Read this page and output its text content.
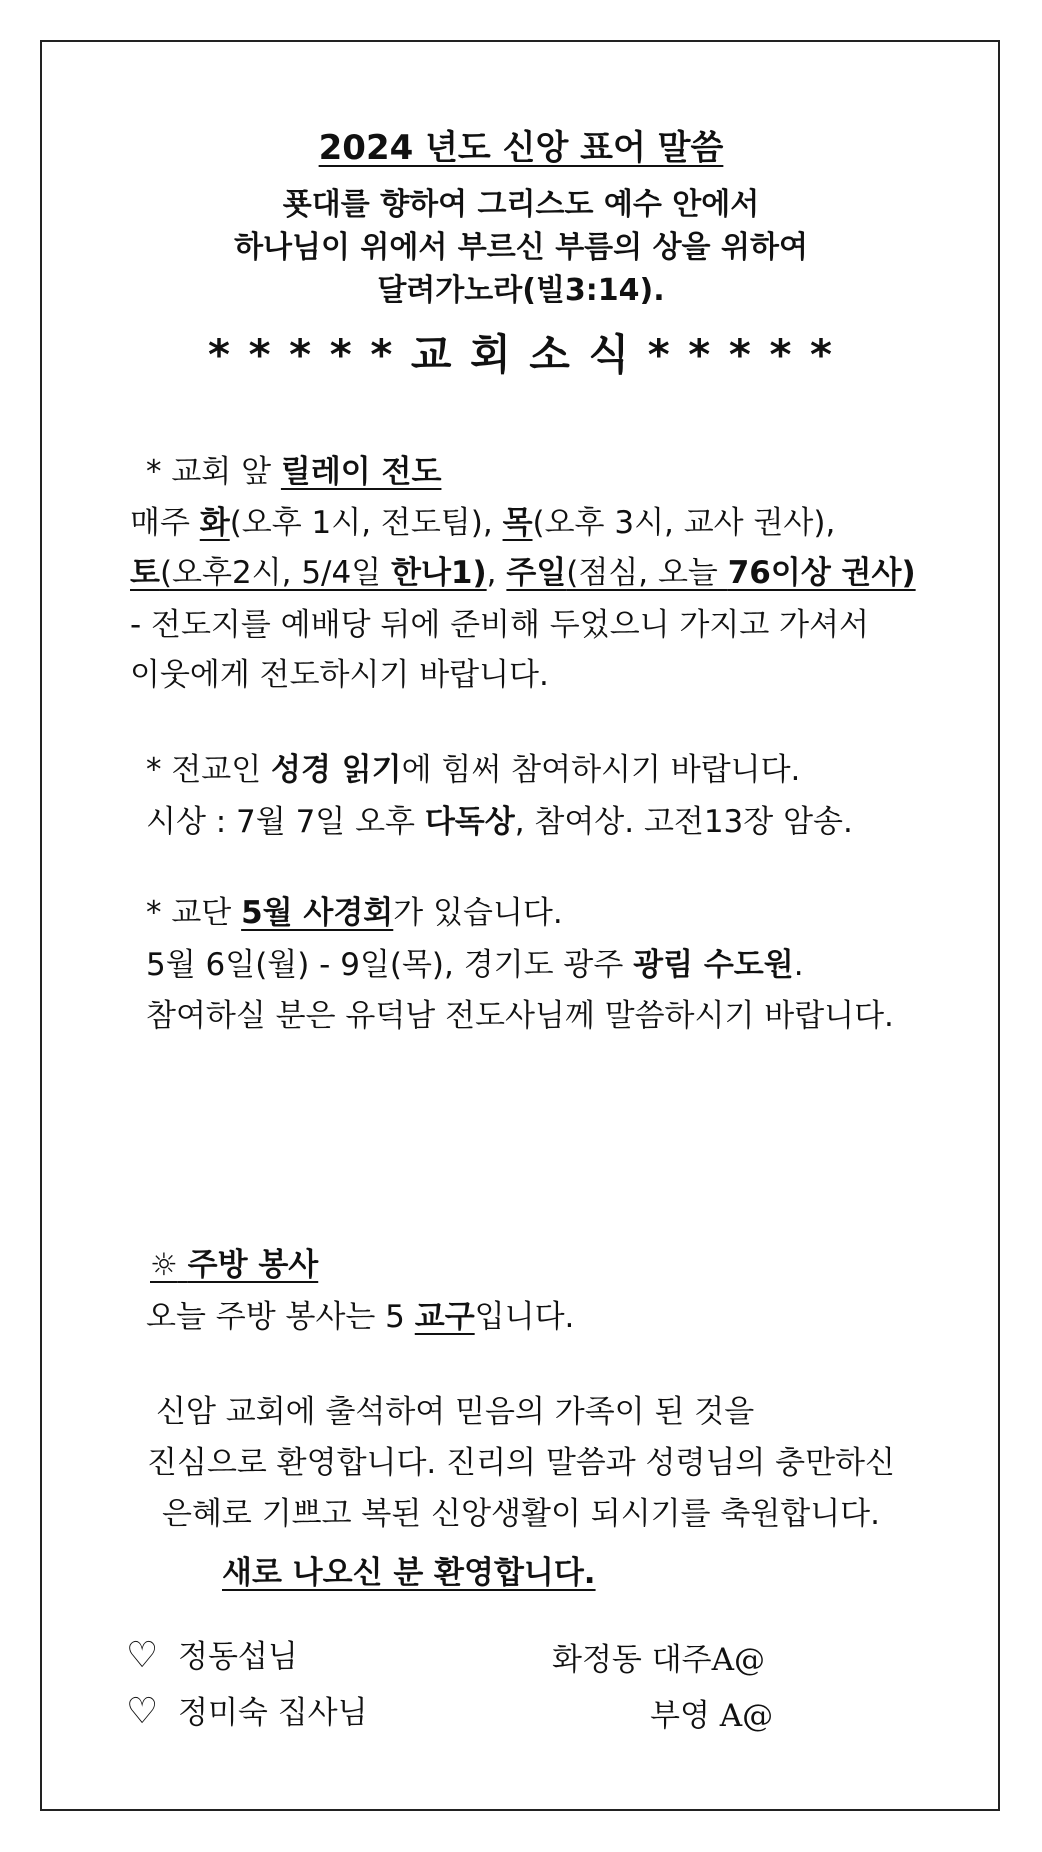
2024 년도 신앙 표어 말씀
푯대를 향하여 그리스도 예수 안에서
하나님이 위에서 부르신 부름의 상을 위하여
달려가노라(빌3:14).
* * * * * 교 회 소 식 * * * * *
* 교회 앞 릴레이 전도
매주 화(오후 1시, 전도팀), 목(오후 3시, 교사 권사),
토(오후2시, 5/4일 한나1), 주일(점심, 오늘 76이상 권사)
- 전도지를 예배당 뒤에 준비해 두었으니 가지고 가셔서
이웃에게 전도하시기 바랍니다.
* 전교인 성경 읽기에 힘써 참여하시기 바랍니다.
시상 : 7월 7일 오후 다독상, 참여상. 고전13장 암송.
* 교단 5월 사경회가 있습니다.
5월 6일(월) - 9일(목), 경기도 광주 광림 수도원.
참여하실 분은 유덕남 전도사님께 말씀하시기 바랍니다.
☼ 주방 봉사
오늘 주방 봉사는 5 교구입니다.
신암 교회에 출석하여 믿음의 가족이 된 것을
진심으로 환영합니다. 진리의 말씀과 성령님의 충만하신
은혜로 기쁘고 복된 신앙생활이 되시기를 축원합니다.
새로 나오신 분 환영합니다.
♡ 정동섭님	화정동 대주A@
♡ 정미숙 집사님	부영 A@
